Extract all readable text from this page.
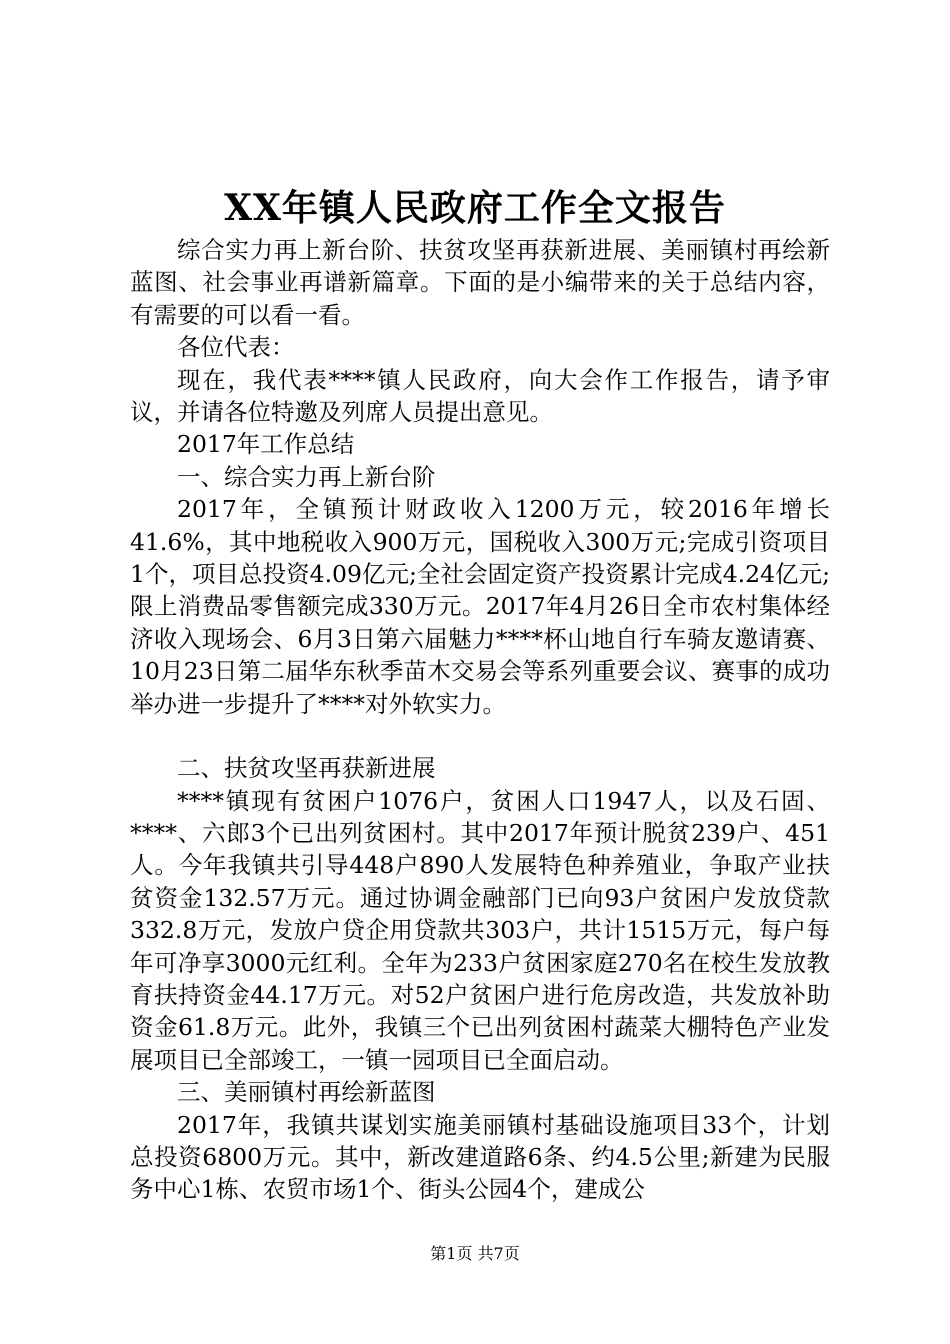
XX年镇人民政府工作全文报告

综合实力再上新台阶、扶贫攻坚再获新进展、美丽镇村再绘新蓝图、社会事业再谱新篇章。下面的是小编带来的关于总结内容，有需要的可以看一看。

各位代表：

现在，我代表****镇人民政府，向大会作工作报告，请予审议，并请各位特邀及列席人员提出意见。

2017年工作总结

一、综合实力再上新台阶

2017年，全镇预计财政收入1200万元，较2016年增长41.6%，其中地税收入900万元，国税收入300万元;完成引资项目1个，项目总投资4.09亿元;全社会固定资产投资累计完成4.24亿元;限上消费品零售额完成330万元。2017年4月26日全市农村集体经济收入现场会、6月3日第六届魅力****杯山地自行车骑友邀请赛、10月23日第二届华东秋季苗木交易会等系列重要会议、赛事的成功举办进一步提升了****对外软实力。

二、扶贫攻坚再获新进展

****镇现有贫困户1076户，贫困人口1947人，以及石固、****、六郎3个已出列贫困村。其中2017年预计脱贫239户、451人。今年我镇共引导448户890人发展特色种养殖业，争取产业扶贫资金132.57万元。通过协调金融部门已向93户贫困户发放贷款332.8万元，发放户贷企用贷款共303户，共计1515万元，每户每年可净享3000元红利。全年为233户贫困家庭270名在校生发放教育扶持资金44.17万元。对52户贫困户进行危房改造，共发放补助资金61.8万元。此外，我镇三个已出列贫困村蔬菜大棚特色产业发展项目已全部竣工，一镇一园项目已全面启动。

三、美丽镇村再绘新蓝图

2017年，我镇共谋划实施美丽镇村基础设施项目33个，计划总投资6800万元。其中，新改建道路6条、约4.5公里;新建为民服务中心1栋、农贸市场1个、街头公园4个，建成公

第1页 共7页
